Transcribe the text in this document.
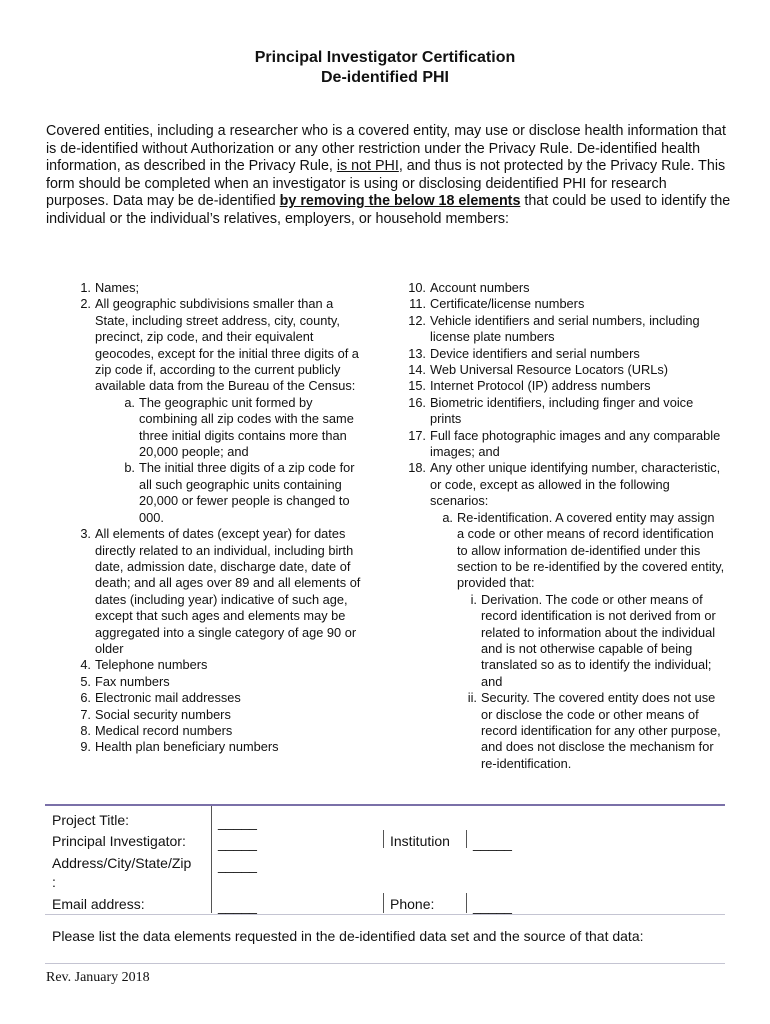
Principal Investigator Certification
De-identified PHI
Covered entities, including a researcher who is a covered entity, may use or disclose health information that is de-identified without Authorization or any other restriction under the Privacy Rule. De-identified health information, as described in the Privacy Rule, is not PHI, and thus is not protected by the Privacy Rule. This form should be completed when an investigator is using or disclosing deidentified PHI for research purposes. Data may be de-identified by removing the below 18 elements that could be used to identify the individual or the individual’s relatives, employers, or household members:
1. Names;
2. All geographic subdivisions smaller than a State, including street address, city, county, precinct, zip code, and their equivalent geocodes, except for the initial three digits of a zip code if, according to the current publicly available data from the Bureau of the Census:
a. The geographic unit formed by combining all zip codes with the same three initial digits contains more than 20,000 people; and
b. The initial three digits of a zip code for all such geographic units containing 20,000 or fewer people is changed to 000.
3. All elements of dates (except year) for dates directly related to an individual, including birth date, admission date, discharge date, date of death; and all ages over 89 and all elements of dates (including year) indicative of such age, except that such ages and elements may be aggregated into a single category of age 90 or older
4. Telephone numbers
5. Fax numbers
6. Electronic mail addresses
7. Social security numbers
8. Medical record numbers
9. Health plan beneficiary numbers
10. Account numbers
11. Certificate/license numbers
12. Vehicle identifiers and serial numbers, including license plate numbers
13. Device identifiers and serial numbers
14. Web Universal Resource Locators (URLs)
15. Internet Protocol (IP) address numbers
16. Biometric identifiers, including finger and voice prints
17. Full face photographic images and any comparable images; and
18. Any other unique identifying number, characteristic, or code, except as allowed in the following scenarios:
a. Re-identification. A covered entity may assign a code or other means of record identification to allow information de-identified under this section to be re-identified by the covered entity, provided that:
i. Derivation. The code or other means of record identification is not derived from or related to information about the individual and is not otherwise capable of being translated so as to identify the individual; and
ii. Security. The covered entity does not use or disclose the code or other means of record identification for any other purpose, and does not disclose the mechanism for re-identification.
Project Title:	_____
Principal Investigator: _____	Institution _____
Address/City/State/Zip
:
_____
Email address:	_____	Phone:	_____
Please list the data elements requested in the de-identified data set and the source of that data:
Rev. January 2018
